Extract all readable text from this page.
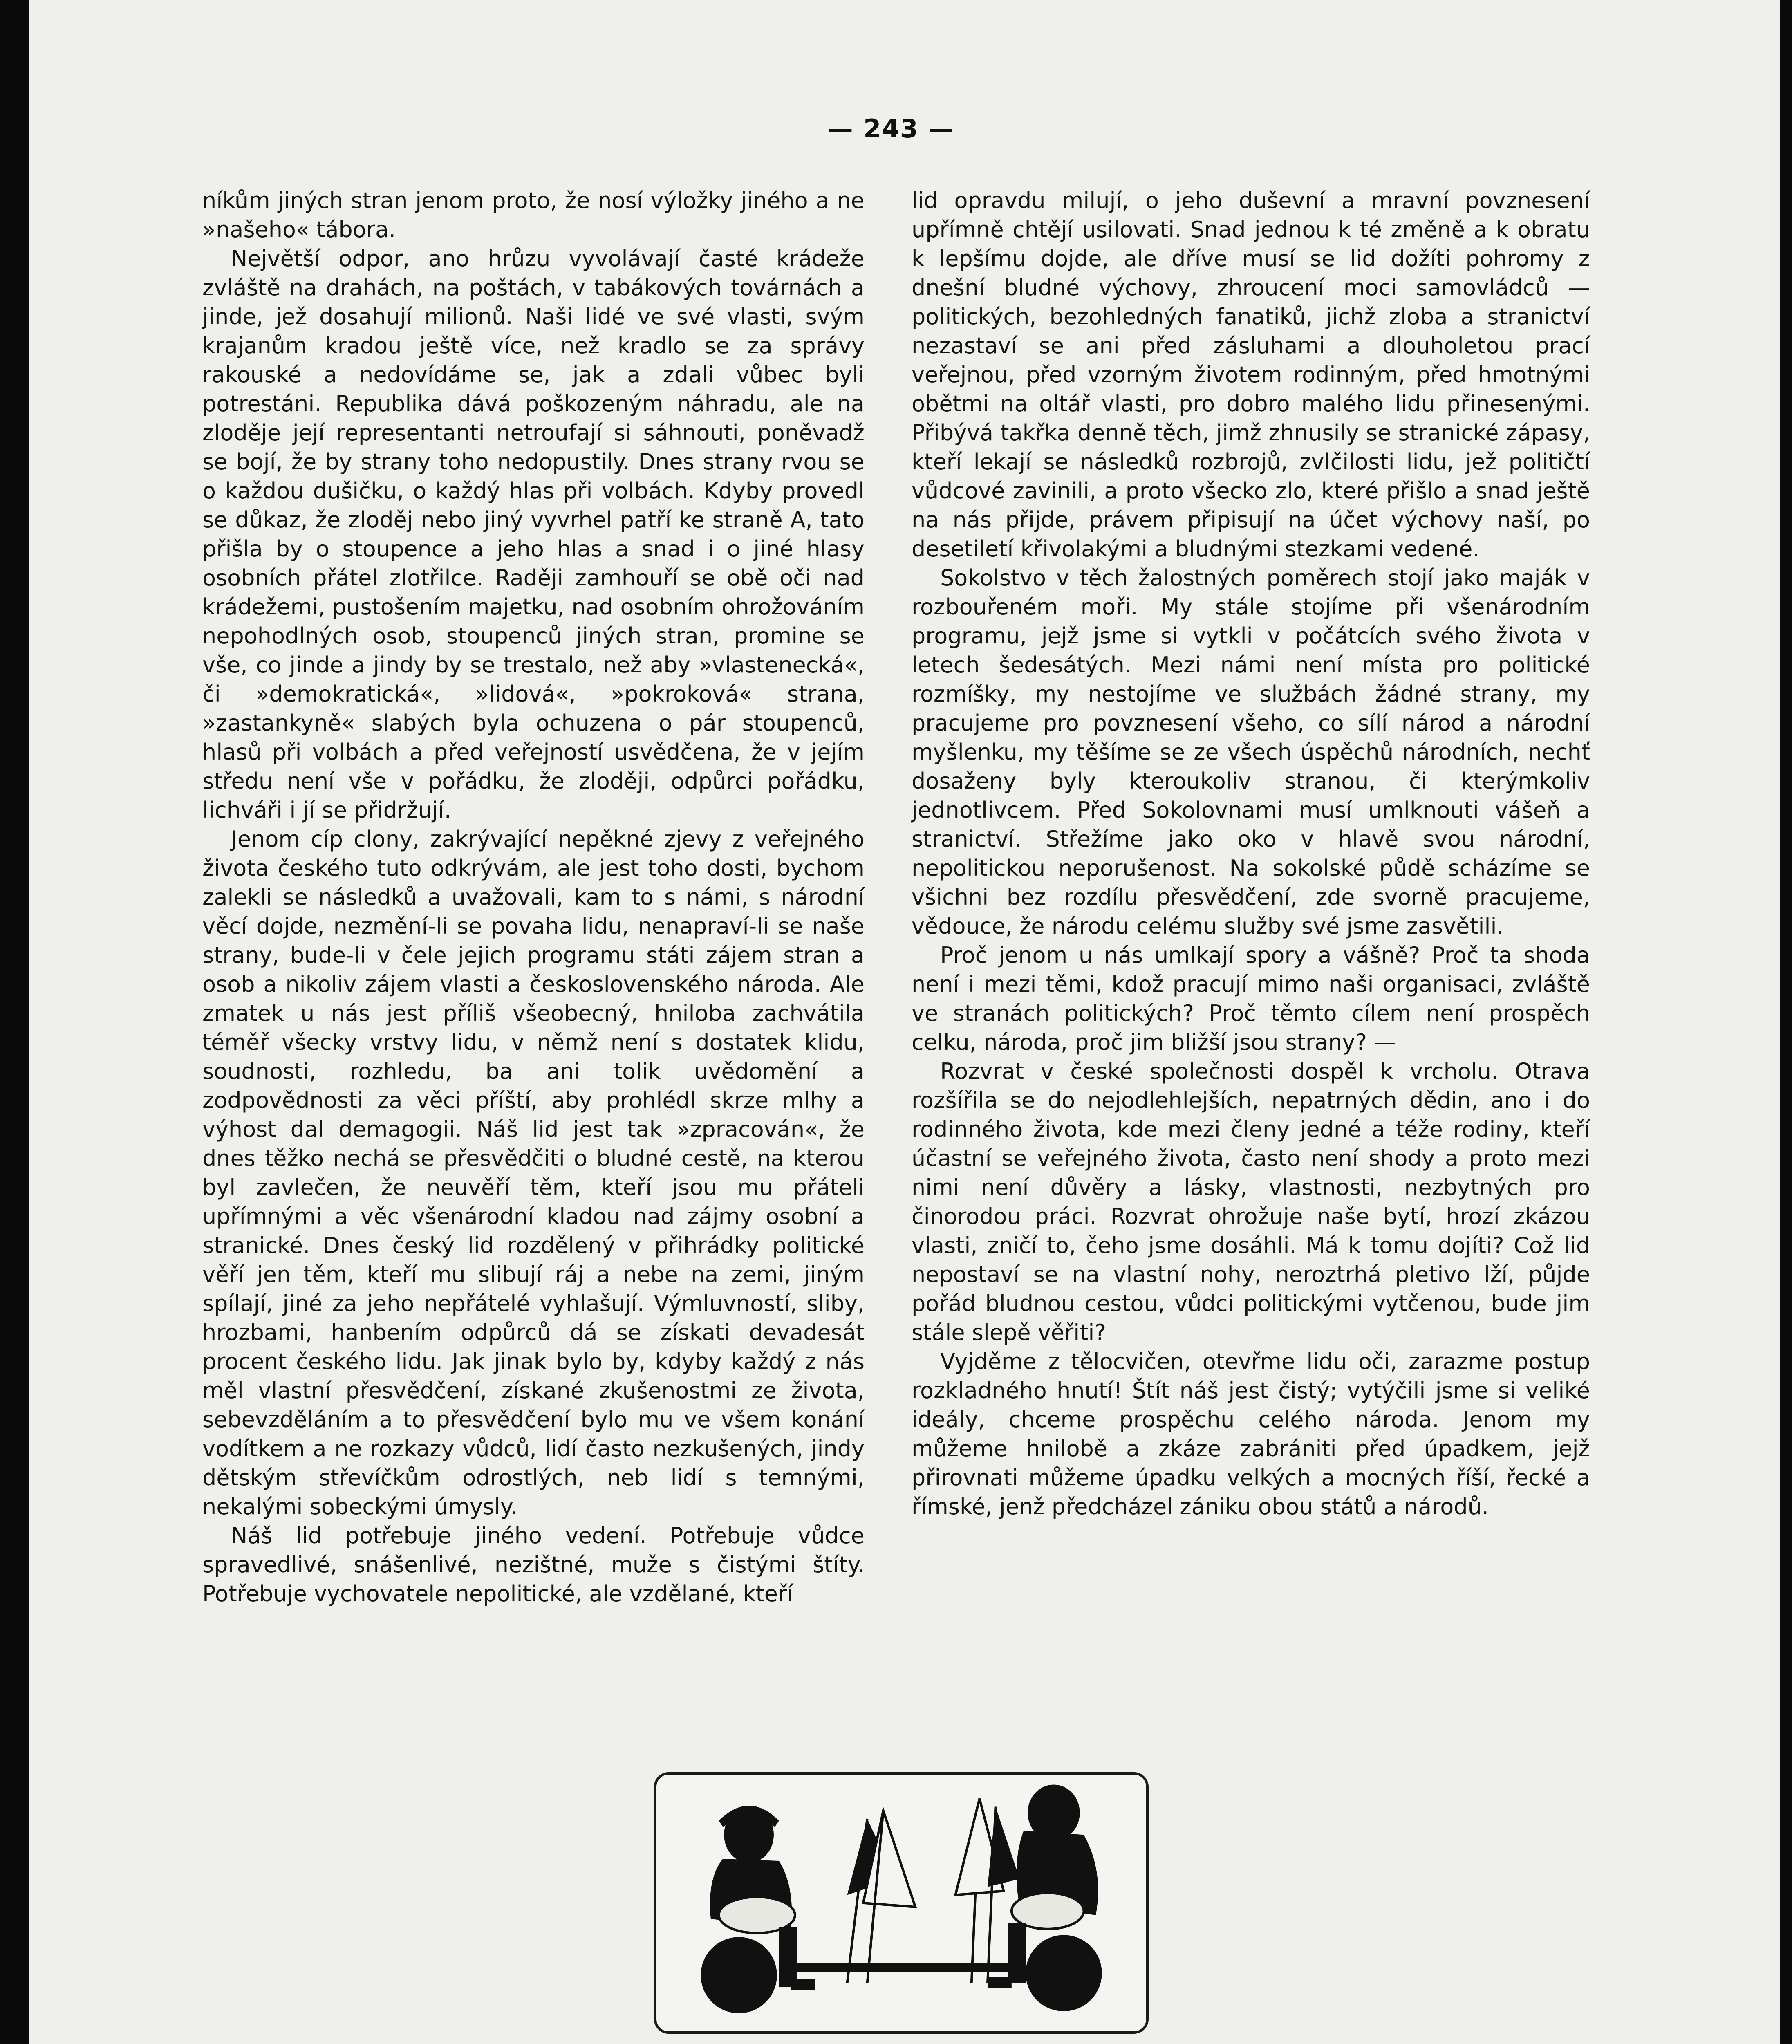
— 243 —

níkům jiných stran jenom proto, že nosí výložky jiného a ne »našeho« tábora.

Největší odpor, ano hrůzu vyvolávají časté krádeže zvláště na drahách, na poštách, v tabákových továrnách a jinde, jež dosahují milionů. Naši lidé ve své vlasti, svým krajanům kradou ještě více, než kradlo se za správy rakouské a nedovídáme se, jak a zdali vůbec byli potrestáni. Republika dává poškozeným náhradu, ale na zloděje její representanti netroufají si sáhnouti, poněvadž se bojí, že by strany toho nedopustily. Dnes strany rvou se o každou dušičku, o každý hlas při volbách. Kdyby provedl se důkaz, že zloděj nebo jiný vyvrhel patří ke straně A, tato přišla by o stoupence a jeho hlas a snad i o jiné hlasy osobních přátel zlotřilce. Raději zamhouří se obě oči nad krádežemi, pustošením majetku, nad osobním ohrožováním nepohodlných osob, stoupenců jiných stran, promine se vše, co jinde a jindy by se trestalo, než aby »vlastenecká«, či »demokratická«, »lidová«, »pokroková« strana, »zastankyně« slabých byla ochuzena o pár stoupenců, hlasů při volbách a před veřejností usvědčena, že v jejím středu není vše v pořádku, že zloději, odpůrci pořádku, lichváři i jí se přidržují.

Jenom cíp clony, zakrývající nepěkné zjevy z veřejného života českého tuto odkrývám, ale jest toho dosti, bychom zalekli se následků a uvažovali, kam to s námi, s národní věcí dojde, nezmění-li se povaha lidu, nenapraví-li se naše strany, bude-li v čele jejich programu státi zájem stran a osob a nikoliv zájem vlasti a československého národa. Ale zmatek u nás jest příliš všeobecný, hniloba zachvátila téměř všecky vrstvy lidu, v němž není s dostatek klidu, soudnosti, rozhledu, ba ani tolik uvědomění a zodpovědnosti za věci příští, aby prohlédl skrze mlhy a výhost dal demagogii. Náš lid jest tak »zpracován«, že dnes těžko nechá se přesvědčiti o bludné cestě, na kterou byl zavlečen, že neuvěří těm, kteří jsou mu přáteli upřímnými a věc všenárodní kladou nad zájmy osobní a stranické. Dnes český lid rozdělený v přihrádky politické věří jen těm, kteří mu slibují ráj a nebe na zemi, jiným spílají, jiné za jeho nepřátelé vyhlašují. Výmluvností, sliby, hrozbami, hanbením odpůrců dá se získati devadesát procent českého lidu. Jak jinak bylo by, kdyby každý z nás měl vlastní přesvědčení, získané zkušenostmi ze života, sebevzděláním a to přesvědčení bylo mu ve všem konání vodítkem a ne rozkazy vůdců, lidí často nezkušených, jindy dětským střevíčkům odrostlých, neb lidí s temnými, nekalými sobeckými úmysly.

Náš lid potřebuje jiného vedení. Potřebuje vůdce spravedlivé, snášenlivé, nezištné, muže s čistými štíty. Potřebuje vychovatele nepolitické, ale vzdělané, kteří

lid opravdu milují, o jeho duševní a mravní povznesení upřímně chtějí usilovati. Snad jednou k té změně a k obratu k lepšímu dojde, ale dříve musí se lid dožíti pohromy z dnešní bludné výchovy, zhroucení moci samovládců — politických, bezohledných fanatiků, jichž zloba a stranictví nezastaví se ani před zásluhami a dlouholetou prací veřejnou, před vzorným životem rodinným, před hmotnými obětmi na oltář vlasti, pro dobro malého lidu přinesenými. Přibývá takřka denně těch, jimž zhnusily se stranické zápasy, kteří lekají se následků rozbrojů, zvlčilosti lidu, jež političtí vůdcové zavinili, a proto všecko zlo, které přišlo a snad ještě na nás přijde, právem připisují na účet výchovy naší, po desetiletí křivolakými a bludnými stezkami vedené.

Sokolstvo v těch žalostných poměrech stojí jako maják v rozbouřeném moři. My stále stojíme při všenárodním programu, jejž jsme si vytkli v počátcích svého života v letech šedesátých. Mezi námi není místa pro politické rozmíšky, my nestojíme ve službách žádné strany, my pracujeme pro povznesení všeho, co sílí národ a národní myšlenku, my těšíme se ze všech úspěchů národních, nechť dosaženy byly kteroukoliv stranou, či kterýmkoliv jednotlivcem. Před Sokolovnami musí umlknouti vášeň a stranictví. Střežíme jako oko v hlavě svou národní, nepolitickou neporušenost. Na sokolské půdě scházíme se všichni bez rozdílu přesvědčení, zde svorně pracujeme, vědouce, že národu celému služby své jsme zasvětili.

Proč jenom u nás umlkají spory a vášně? Proč ta shoda není i mezi těmi, kdož pracují mimo naši organisaci, zvláště ve stranách politických? Proč těmto cílem není prospěch celku, národa, proč jim bližší jsou strany? —

Rozvrat v české společnosti dospěl k vrcholu. Otrava rozšířila se do nejodlehlejších, nepatrných dědin, ano i do rodinného života, kde mezi členy jedné a téže rodiny, kteří účastní se veřejného života, často není shody a proto mezi nimi není důvěry a lásky, vlastnosti, nezbytných pro činorodou práci. Rozvrat ohrožuje naše bytí, hrozí zkázou vlasti, zničí to, čeho jsme dosáhli. Má k tomu dojíti? Což lid nepostaví se na vlastní nohy, neroztrhá pletivo lží, půjde pořád bludnou cestou, vůdci politickými vytčenou, bude jim stále slepě věřiti?

Vyjděme z tělocvičen, otevřme lidu oči, zarazme postup rozkladného hnutí! Štít náš jest čistý; vytýčili jsme si veliké ideály, chceme prospěchu celého národa. Jenom my můžeme hnilobě a zkáze zabrániti před úpadkem, jejž přirovnati můžeme úpadku velkých a mocných říší, řecké a římské, jenž předcházel zániku obou států a národů.
